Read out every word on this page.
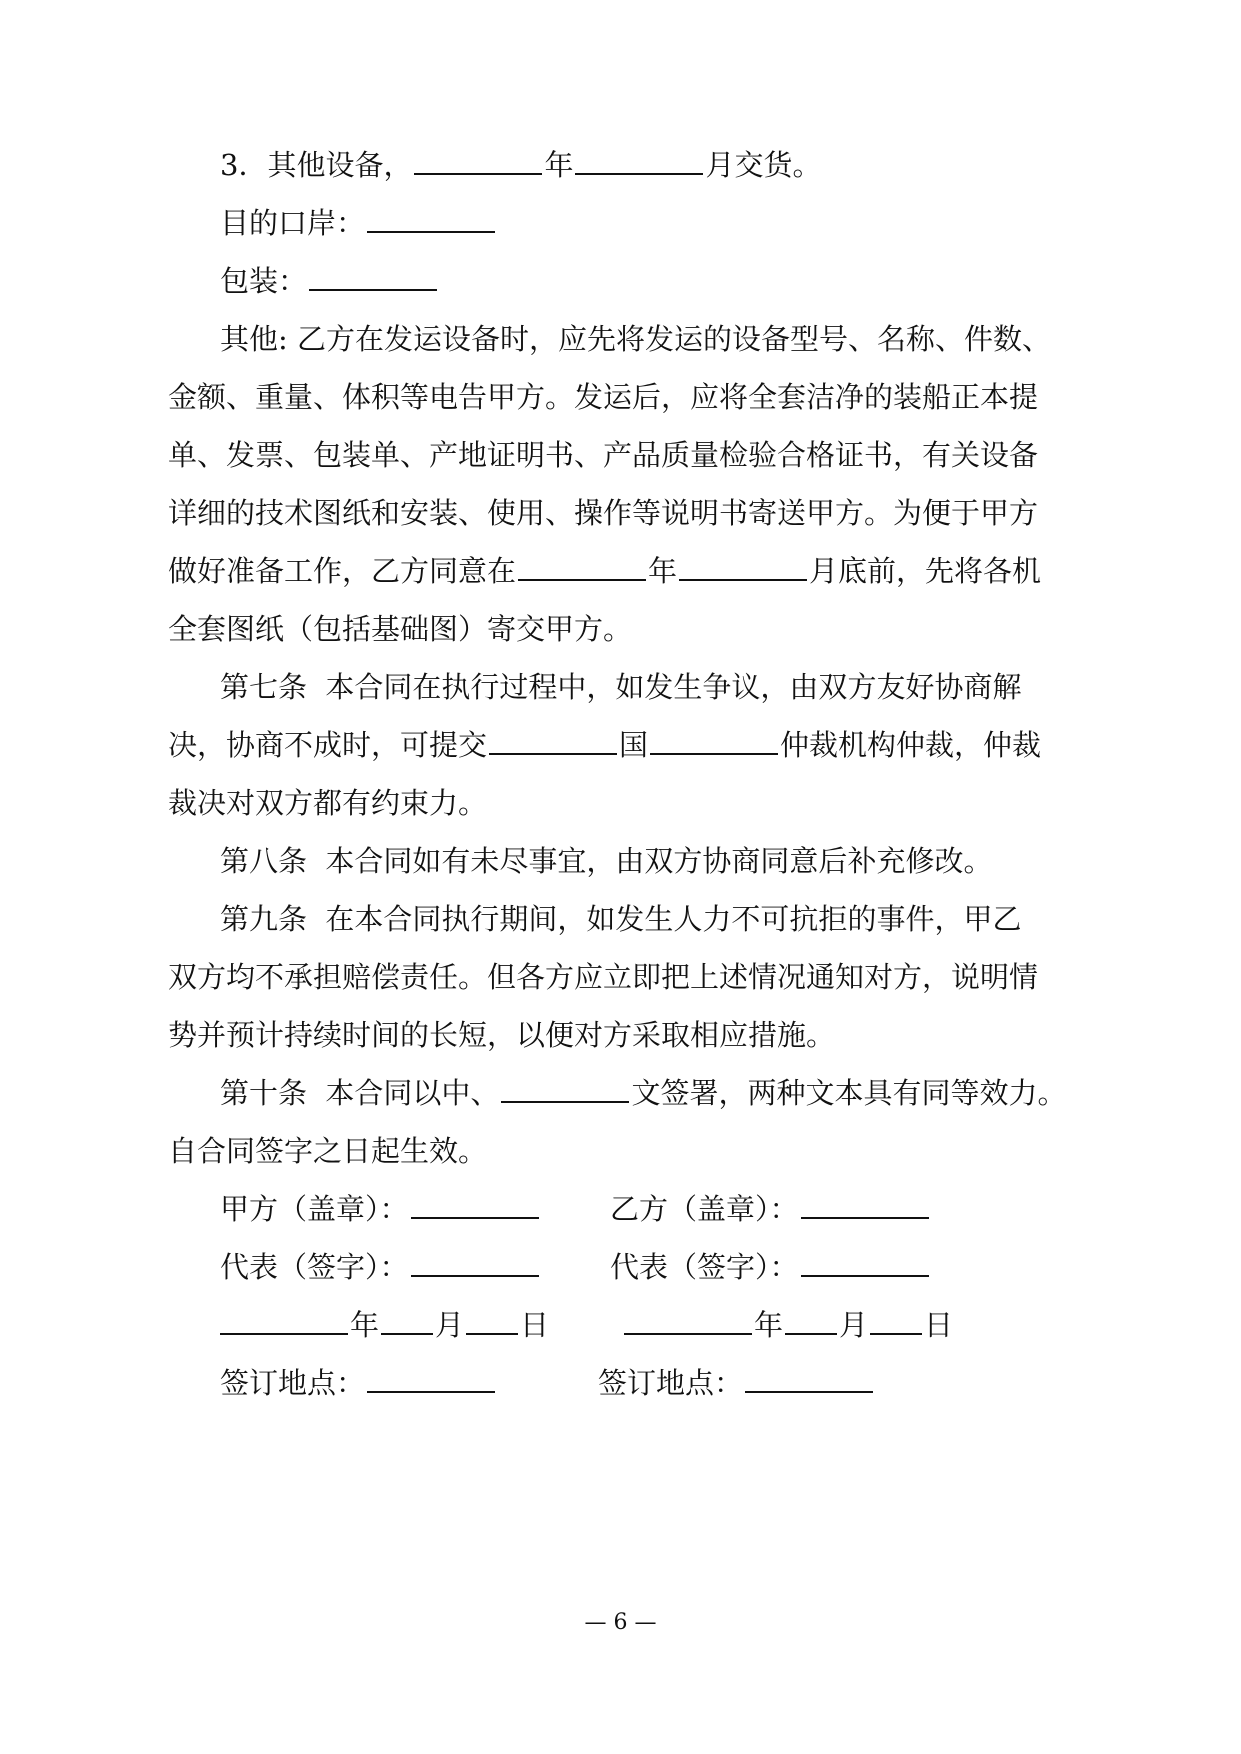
3．其他设备，	年	月交货。
目的口岸：
包装：
其他: 乙方在发运设备时，应先将发运的设备型号、名称、件数、
金额、重量、体积等电告甲方。发运后，应将全套洁净的装船正本提
单、发票、包装单、产地证明书、产品质量检验合格证书，有关设备
详细的技术图纸和安装、使用、操作等说明书寄送甲方。为便于甲方
做好准备工作，乙方同意在	年	月底前，先将各机
全套图纸（包括基础图）寄交甲方。
第七条  本合同在执行过程中，如发生争议，由双方友好协商解
决，协商不成时，可提交	国	仲裁机构仲裁，仲裁
裁决对双方都有约束力。
第八条  本合同如有未尽事宜，由双方协商同意后补充修改。
第九条  在本合同执行期间，如发生人力不可抗拒的事件，甲乙
双方均不承担赔偿责任。但各方应立即把上述情况通知对方，说明情
势并预计持续时间的长短，以便对方采取相应措施。
第十条  本合同以中、	文签署，两种文本具有同等效力。
自合同签字之日起生效。
甲方（盖章）：	乙方（盖章）：
代表（签字）：	代表（签字）：
年 月 日	年 月 日
签订地点：	签订地点：
— 6 —
